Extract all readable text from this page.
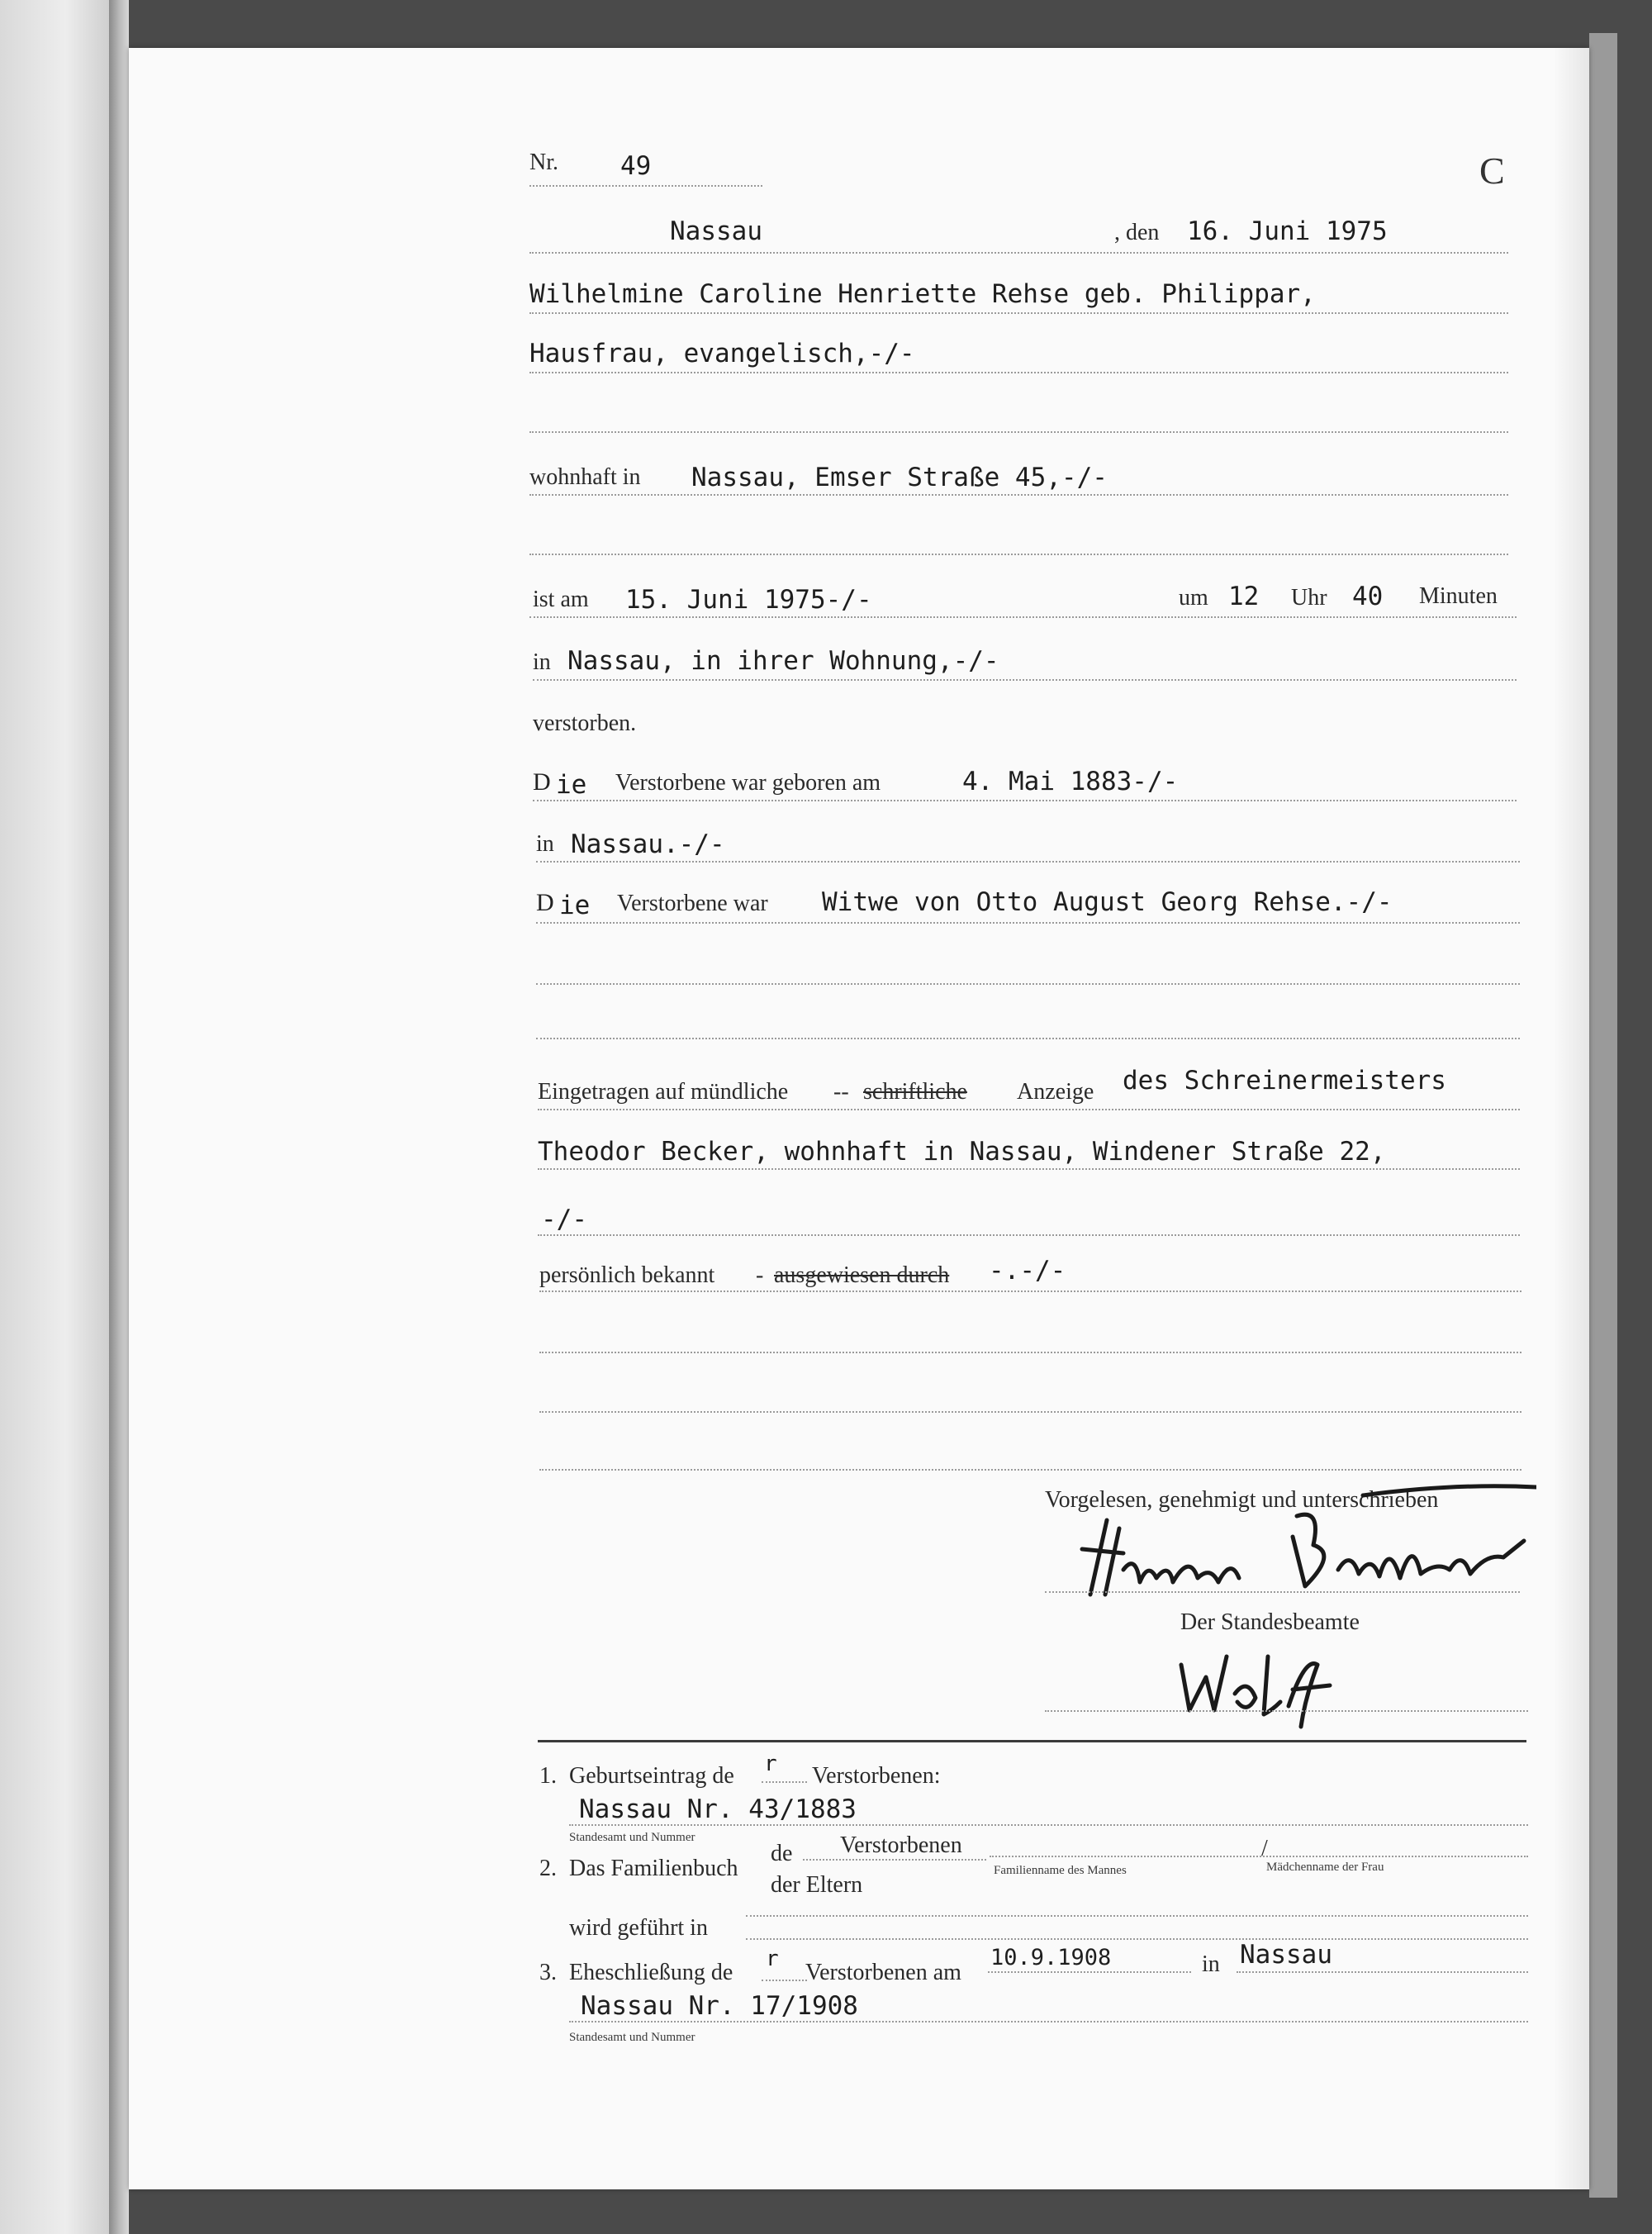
Nr. 49	C
Nassau	, den 16. Juni 1975
Wilhelmine Caroline Henriette Rehse geb. Philippar,
Hausfrau, evangelisch,-/-
wohnhaft in Nassau, Emser Straße 45,-/-
ist am 15. Juni 1975-/-	um 12 Uhr 40 Minuten
in Nassau, in ihrer Wohnung,-/-
verstorben.
D ie Verstorbene war geboren am	4. Mai 1883-/-
in Nassau.-/-
D ie Verstorbene war Witwe von Otto August Georg Rehse.-/-
Eingetragen auf mündliche -- schriftliche Anzeige des Schreinermeisters
Theodor Becker, wohnhaft in Nassau, Windener Straße 22,
-/-
persönlich bekannt - ausgewiesen durch -.-/-
Vorgelesen, genehmigt und unterschrieben
Der Standesbeamte
1. Geburtseintrag de r Verstorbenen:
Nassau Nr. 43/1883
Standesamt und Nummer
2. Das Familienbuch
de Verstorbenen
der Eltern
Familienname des Mannes
/
Mädchenname der Frau
wird geführt in
3. Eheschließung de
r
Verstorbenen am
10.9.1908	in Nassau
Nassau Nr. 17/1908
Standesamt und Nummer
